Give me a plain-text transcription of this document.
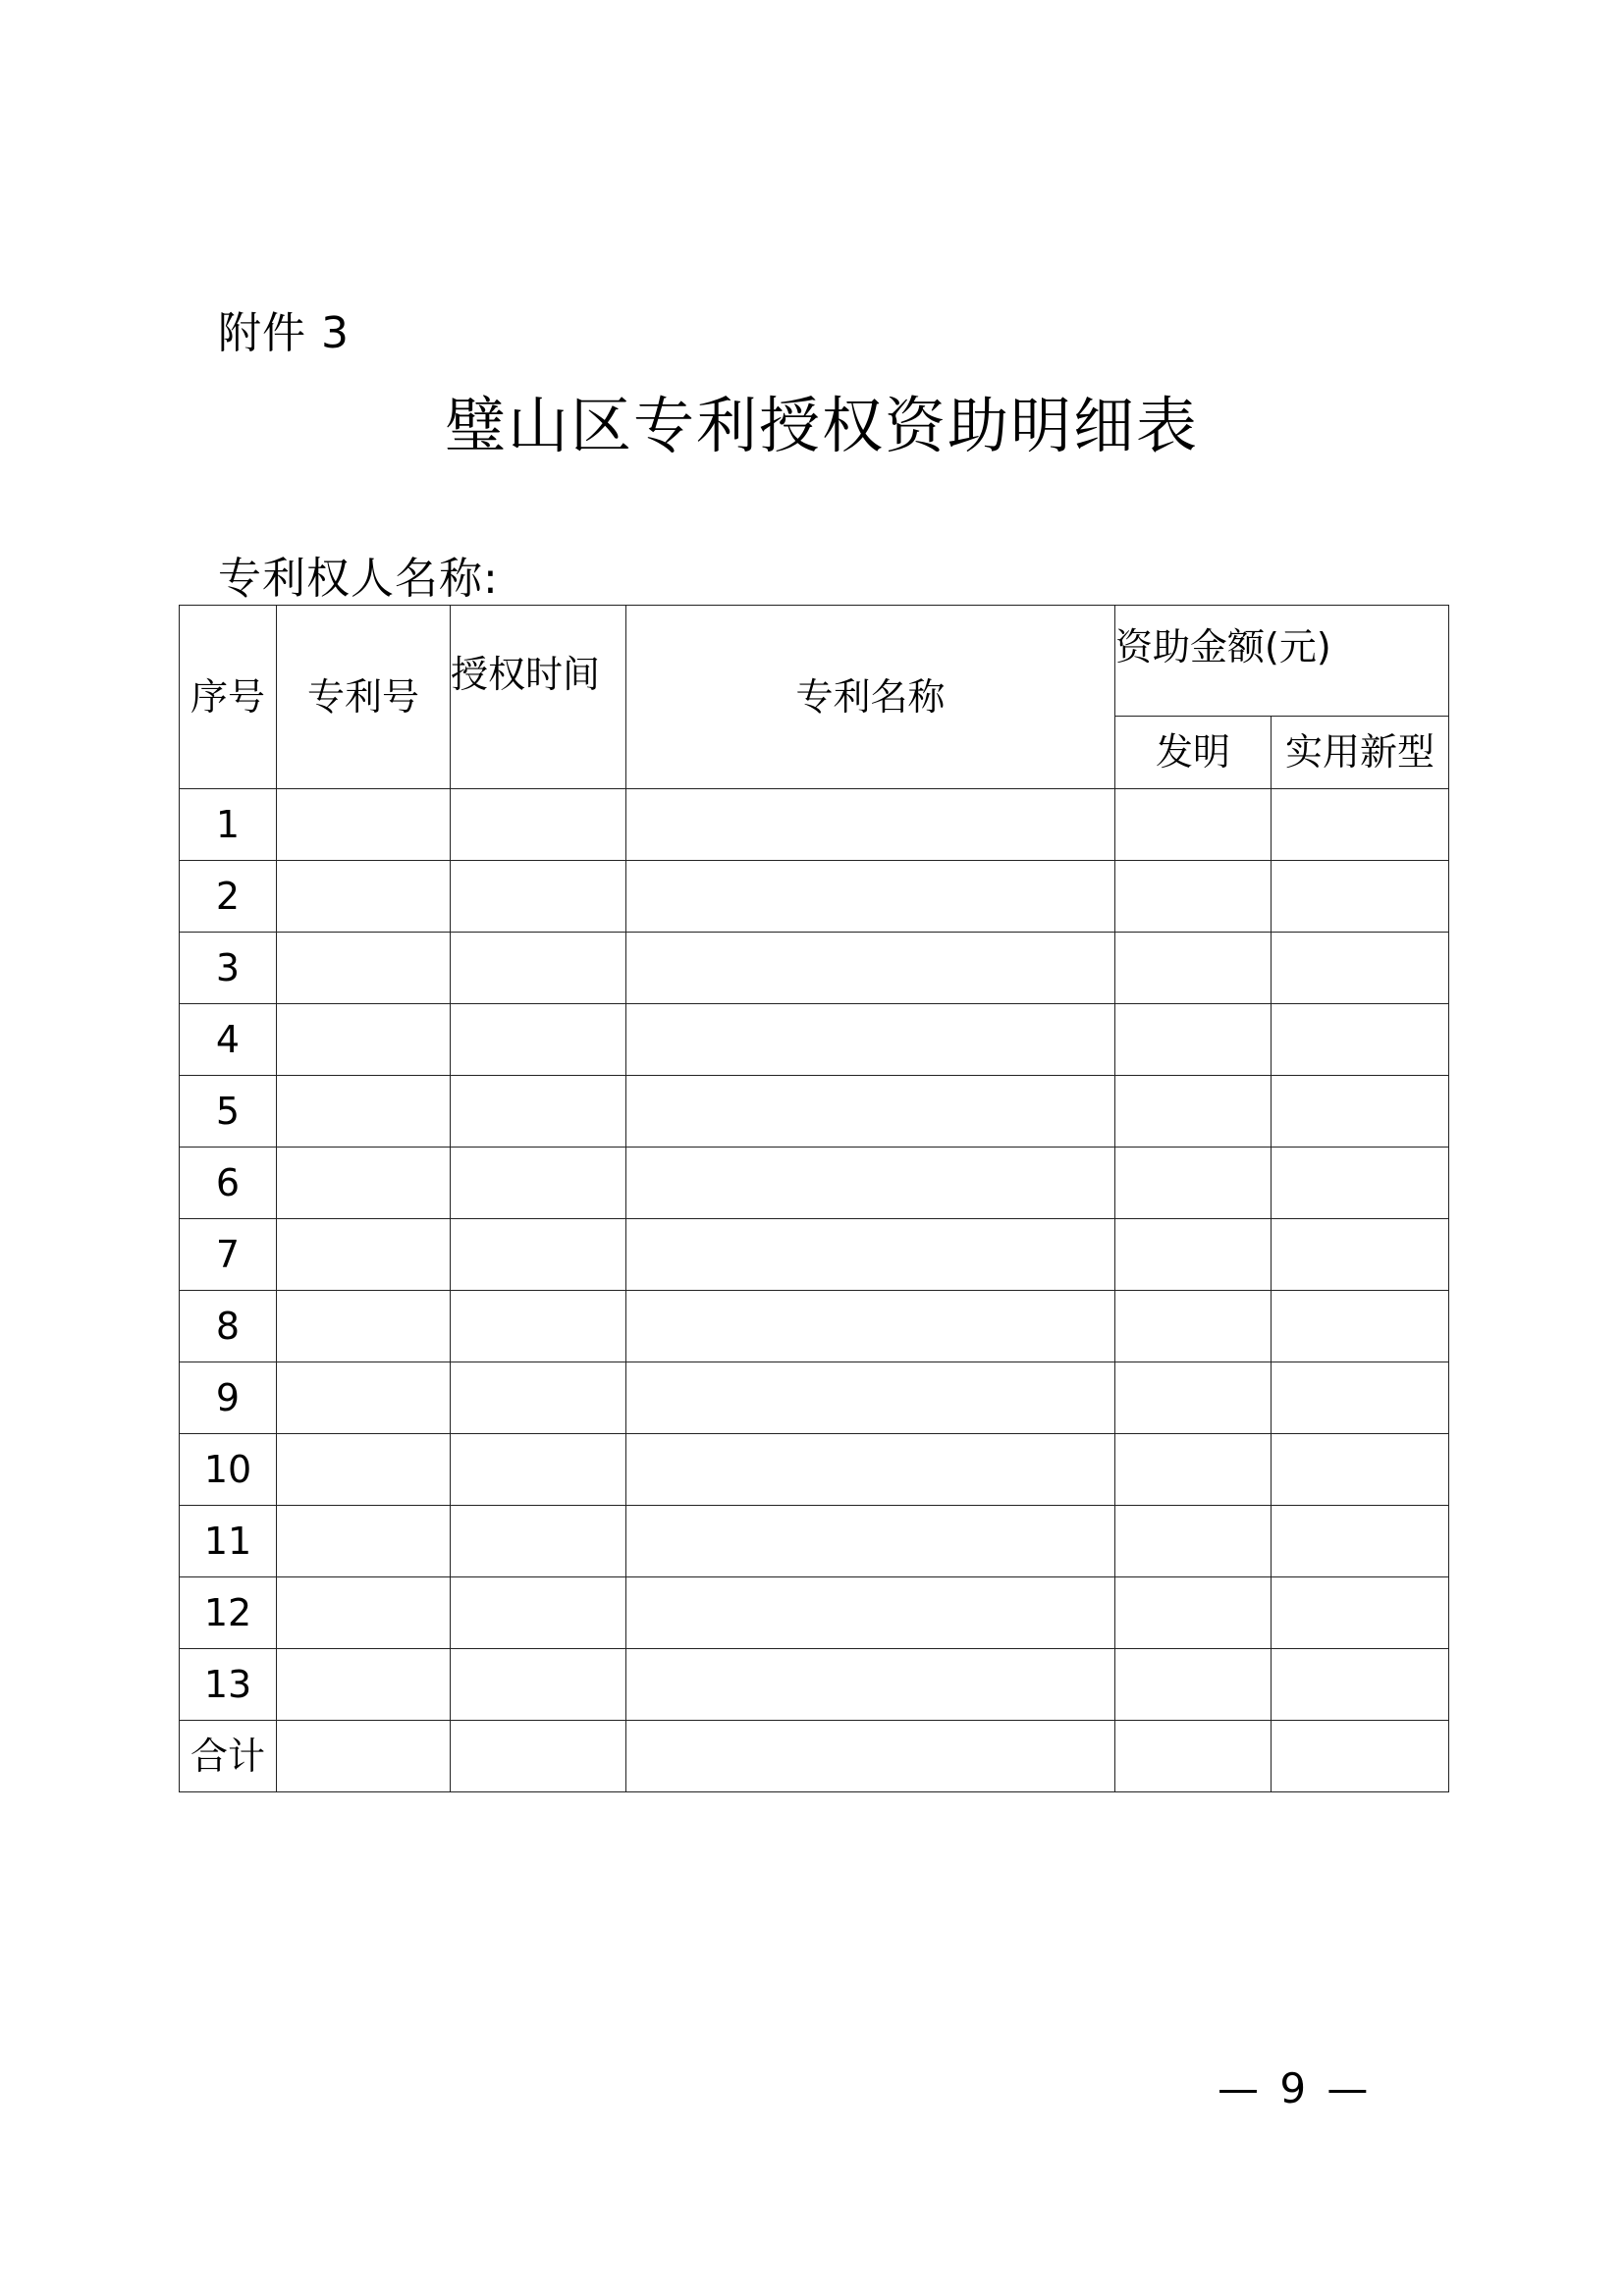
附件 3
璧山区专利授权资助明细表
专利权人名称:
序号	专利号	授权时间	专利名称	资助金额(元)	
				发明	实用新型
1					
2					
3					
4					
5					
6					
7					
8					
9					
10					
11					
12					
13					
合计					
— 9 —
